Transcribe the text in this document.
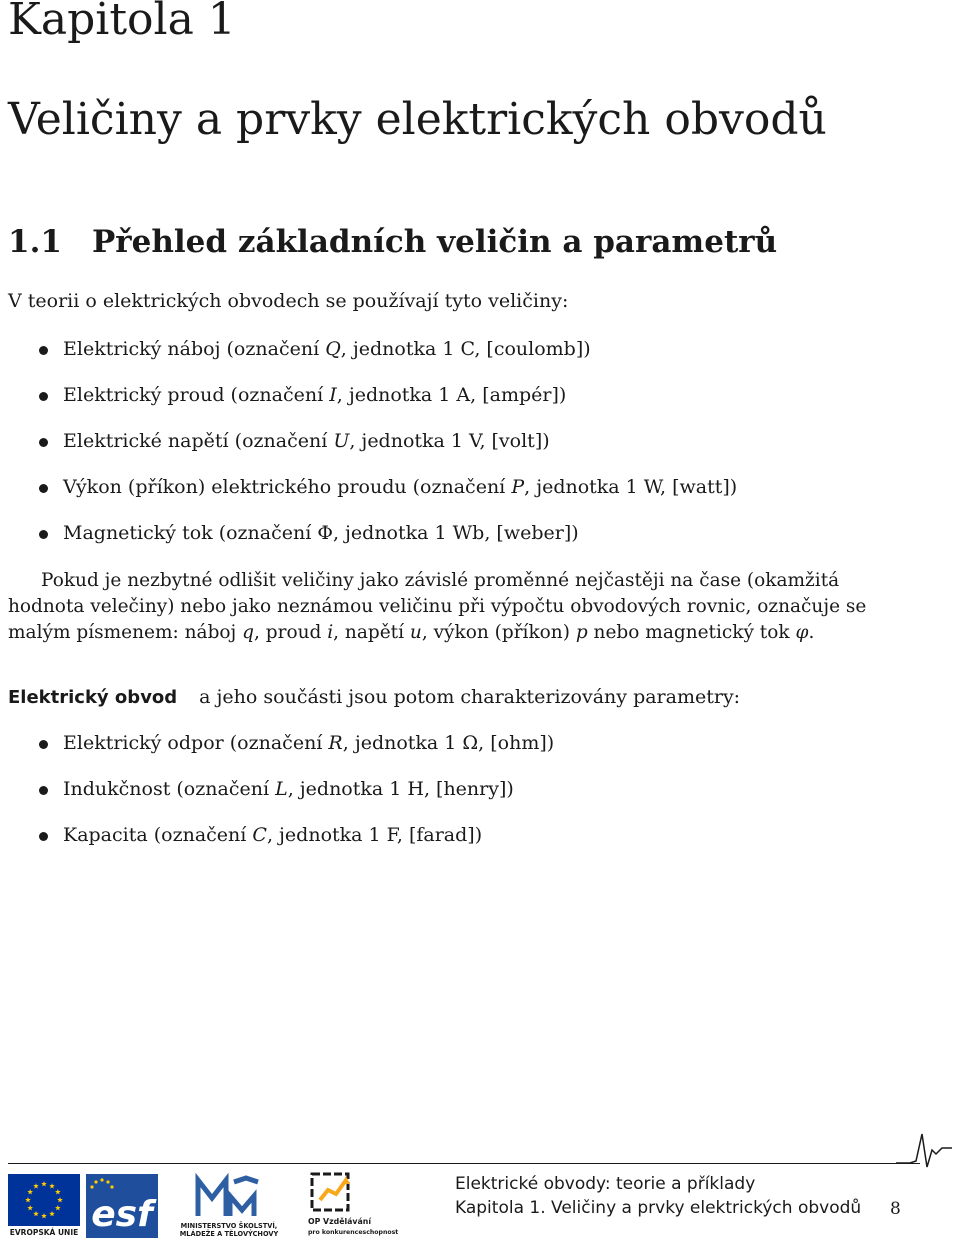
Kapitola 1
Veličiny a prvky elektrických obvodů
1.1 Přehled základních veličin a parametrů
V teorii o elektrických obvodech se používají tyto veličiny:
Elektrický náboj (označení Q, jednotka 1 C, [coulomb])
Elektrický proud (označení I, jednotka 1 A, [ampér])
Elektrické napětí (označení U, jednotka 1 V, [volt])
Výkon (příkon) elektrického proudu (označení P, jednotka 1 W, [watt])
Magnetický tok (označení Φ, jednotka 1 Wb, [weber])
Pokud je nezbytné odlišit veličiny jako závislé proměnné nejčastěji na čase (okamžitá
hodnota velečiny) nebo jako neznámou veličinu při výpočtu obvodových rovnic, označuje se
malým písmenem: náboj q, proud i, napětí u, výkon (příkon) p nebo magnetický tok φ.
Elektrický obvod a jeho součásti jsou potom charakterizovány parametry:
Elektrický odpor (označení R, jednotka 1 Ω, [ohm])
Indukčnost (označení L, jednotka 1 H, [henry])
Kapacita (označení C, jednotka 1 F, [farad])
Elektrické obvody: teorie a příklady
Kapitola 1. Veličiny a prvky elektrických obvodů 8
EVROPSKÁ UNIE esf	MINISTERSTVO ŠKOLSTVÍ,
MLÁDEŽE A TĚLOVÝCHOVY
OP Vzdělávání
pro konkurenceschopnost
